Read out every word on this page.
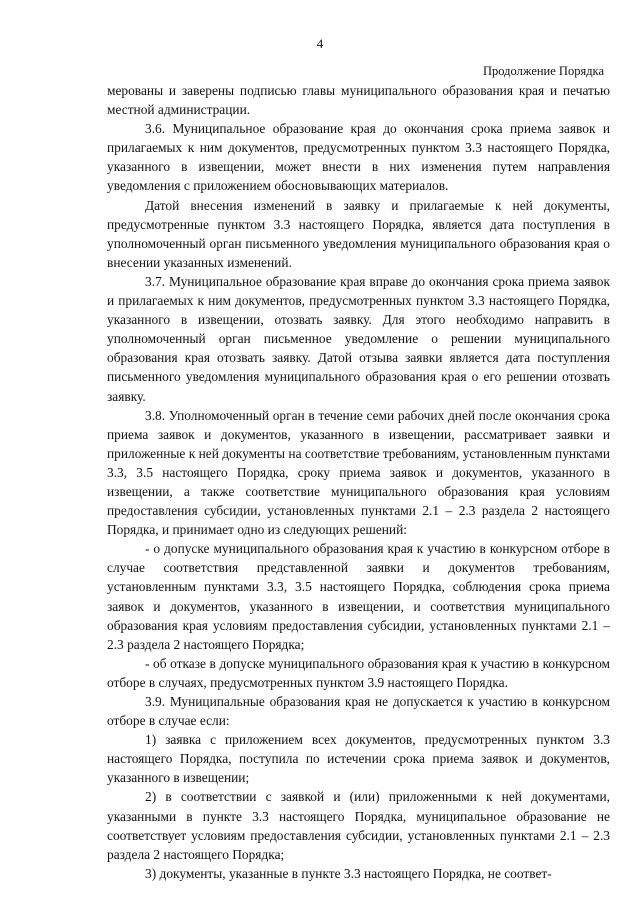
4
Продолжение Порядка

мерованы и заверены подписью главы муниципального образования края и печатью местной администрации.

3.6. Муниципальное образование края до окончания срока приема заявок и прилагаемых к ним документов, предусмотренных пунктом 3.3 настоящего Порядка, указанного в извещении, может внести в них изменения путем направления уведомления с приложением обосновывающих материалов.

Датой внесения изменений в заявку и прилагаемые к ней документы, предусмотренные пунктом 3.3 настоящего Порядка, является дата поступления в уполномоченный орган письменного уведомления муниципального образования края о внесении указанных изменений.

3.7. Муниципальное образование края вправе до окончания срока приема заявок и прилагаемых к ним документов, предусмотренных пунктом 3.3 настоящего Порядка, указанного в извещении, отозвать заявку. Для этого необходимо направить в уполномоченный орган письменное уведомление о решении муниципального образования края отозвать заявку. Датой отзыва заявки является дата поступления письменного уведомления муниципального образования края о его решении отозвать заявку.

3.8. Уполномоченный орган в течение семи рабочих дней после окончания срока приема заявок и документов, указанного в извещении, рассматривает заявки и приложенные к ней документы на соответствие требованиям, установленным пунктами 3.3, 3.5 настоящего Порядка, сроку приема заявок и документов, указанного в извещении, а также соответствие муниципального образования края условиям предоставления субсидии, установленных пунктами 2.1 – 2.3 раздела 2 настоящего Порядка, и принимает одно из следующих решений:

- о допуске муниципального образования края к участию в конкурсном отборе в случае соответствия представленной заявки и документов требованиям, установленным пунктами 3.3, 3.5 настоящего Порядка, соблюдения срока приема заявок и документов, указанного в извещении, и соответствия муниципального образования края условиям предоставления субсидии, установленных пунктами 2.1 – 2.3 раздела 2 настоящего Порядка;

- об отказе в допуске муниципального образования края к участию в конкурсном отборе в случаях, предусмотренных пунктом 3.9 настоящего Порядка.

3.9. Муниципальные образования края не допускается к участию в конкурсном отборе в случае если:

1) заявка с приложением всех документов, предусмотренных пунктом 3.3 настоящего Порядка, поступила по истечении срока приема заявок и документов, указанного в извещении;

2) в соответствии с заявкой и (или) приложенными к ней документами, указанными в пункте 3.3 настоящего Порядка, муниципальное образование не соответствует условиям предоставления субсидии, установленных пунктами 2.1 – 2.3 раздела 2 настоящего Порядка;

3) документы, указанные в пункте 3.3 настоящего Порядка, не соответ-
